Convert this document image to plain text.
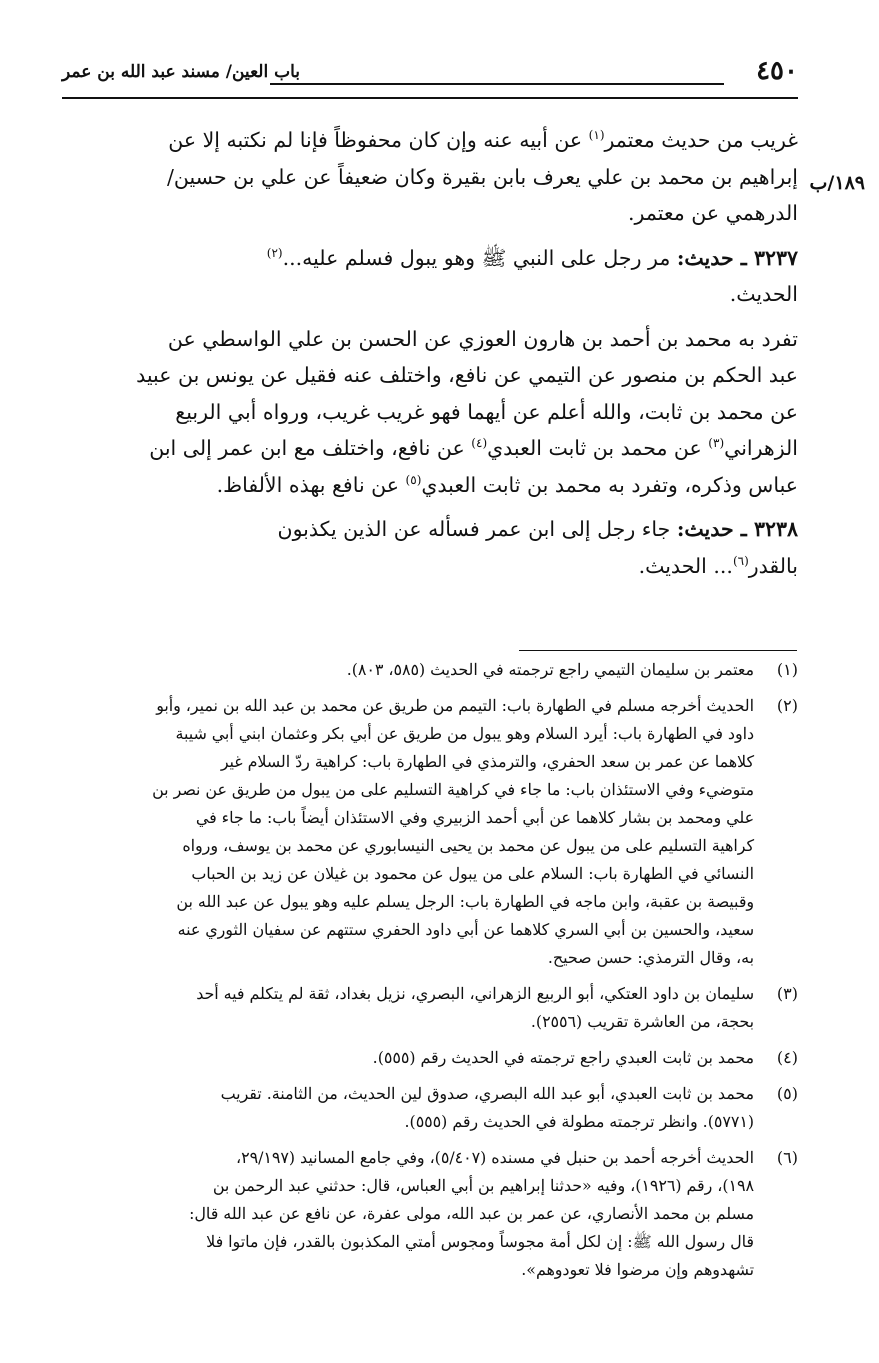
٤٥٠
باب العين/ مسند عبد الله بن عمر
١٨٩/ب
غريب من حديث معتمر$^{(١)}$ عن أبيه عنه وإن كان محفوظاً فإنا لم نكتبه إلا عن
إبراهيم بن محمد بن علي يعرف بابن بقيرة وكان ضعيفاً عن علي بن حسين/
الدرهمي عن معتمر.
٣٢٣٧ ـ حديث: مر رجل على النبي ﷺ وهو يبول فسلم عليه...$^{(٢)}$
الحديث.
تفرد به محمد بن أحمد بن هارون العوزي عن الحسن بن علي الواسطي عن
عبد الحكم بن منصور عن التيمي عن نافع، واختلف عنه فقيل عن يونس بن عبيد
عن محمد بن ثابت، والله أعلم عن أيهما فهو غريب غريب، ورواه أبي الربيع
الزهراني$^{(٣)}$ عن محمد بن ثابت العبدي$^{(٤)}$ عن نافع، واختلف مع ابن عمر إلى ابن
عباس وذكره، وتفرد به محمد بن ثابت العبدي$^{(٥)}$ عن نافع بهذه الألفاظ.
٣٢٣٨ ـ حديث: جاء رجل إلى ابن عمر فسأله عن الذين يكذبون
بالقدر$^{(٦)}$... الحديث.
(١)
معتمر بن سليمان التيمي راجع ترجمته في الحديث (٥٨٥، ٨٠٣).
(٢)
الحديث أخرجه مسلم في الطهارة باب: التيمم من طريق عن محمد بن عبد الله بن نمير، وأبو
داود في الطهارة باب: أيرد السلام وهو يبول من طريق عن أبي بكر وعثمان ابني أبي شيبة
كلاهما عن عمر بن سعد الحفري، والترمذي في الطهارة باب: كراهية ردّ السلام غير
متوضيء وفي الاستئذان باب: ما جاء في كراهية التسليم على من يبول من طريق عن نصر بن
علي ومحمد بن بشار كلاهما عن أبي أحمد الزبيري وفي الاستئذان أيضاً باب: ما جاء في
كراهية التسليم على من يبول عن محمد بن يحيى النيسابوري عن محمد بن يوسف، ورواه
النسائي في الطهارة باب: السلام على من يبول عن محمود بن غيلان عن زيد بن الحباب
وقبيصة بن عقبة، وابن ماجه في الطهارة باب: الرجل يسلم عليه وهو يبول عن عبد الله بن
سعيد، والحسين بن أبي السري كلاهما عن أبي داود الحفري ستتهم عن سفيان الثوري عنه
به، وقال الترمذي: حسن صحيح.
(٣)
سليمان بن داود العتكي، أبو الربيع الزهراني، البصري، نزيل بغداد، ثقة لم يتكلم فيه أحد
بحجة، من العاشرة تقريب (٢٥٥٦).
(٤)
محمد بن ثابت العبدي راجع ترجمته في الحديث رقم (٥٥٥).
(٥)
محمد بن ثابت العبدي، أبو عبد الله البصري، صدوق لين الحديث، من الثامنة. تقريب
(٥٧٧١). وانظر ترجمته مطولة في الحديث رقم (٥٥٥).
(٦)
الحديث أخرجه أحمد بن حنبل في مسنده (٥/٤٠٧)، وفي جامع المسانيد (٢٩/١٩٧،
١٩٨)، رقم (١٩٢٦)، وفيه «حدثنا إبراهيم بن أبي العباس، قال: حدثني عبد الرحمن بن
مسلم بن محمد الأنصاري، عن عمر بن عبد الله، مولى عفرة، عن نافع عن عبد الله قال:
قال رسول الله ﷺ: إن لكل أمة مجوساً ومجوس أمتي المكذبون بالقدر، فإن ماتوا فلا
تشهدوهم وإن مرضوا فلا تعودوهم».
